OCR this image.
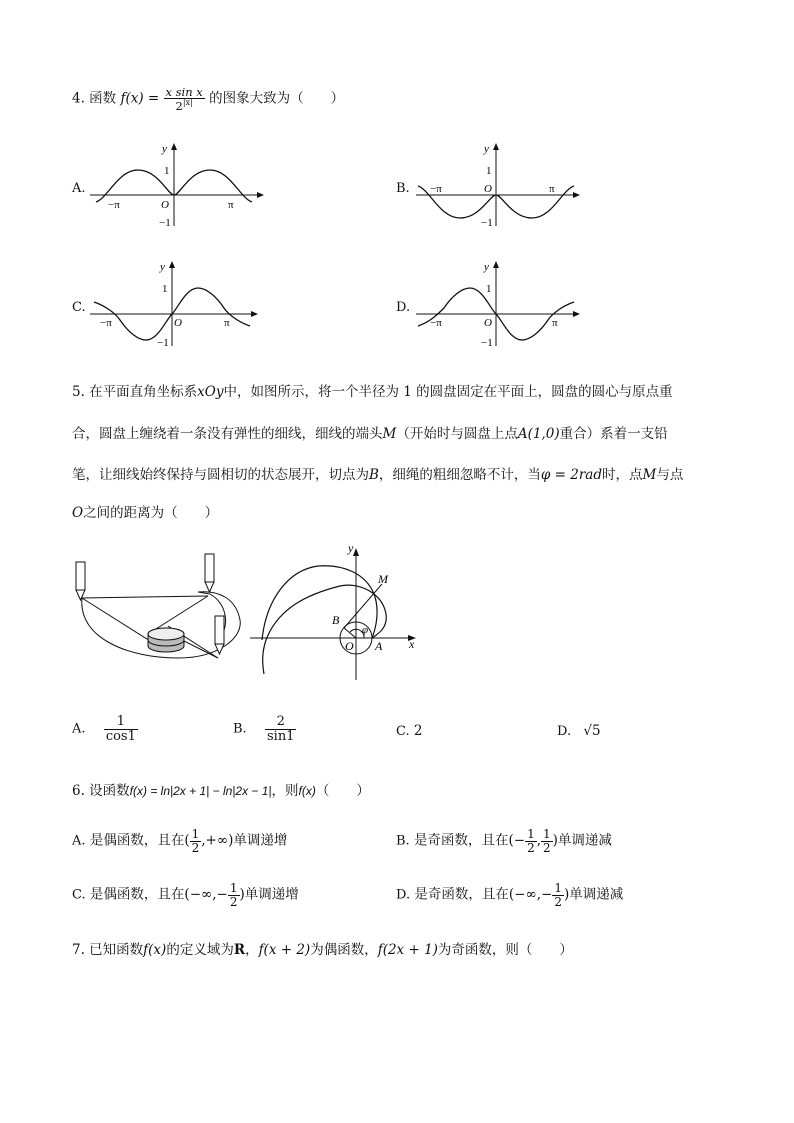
4. 函数 $f(x) = \frac{\text{x sin x}}{2^{|x|}}$ 的图象大致为（　　）
A.	B.
C.	D.
y
1
−1
O
−π	π
y
1
−1
O
−π	π
y
1
−1
O
−π	π
y
1
−1
O
−π	π
5. 在平面直角坐标系xOy中，如图所示，将一个半径为 1 的圆盘固定在平面上，圆盘的圆心与原点重
合，圆盘上缠绕着一条没有弹性的细线，细线的端头M（开始时与圆盘上点A(1,0)重合）系着一支铅
笔，让细线始终保持与圆相切的状态展开，切点为B，细绳的粗细忽略不计，当φ = 2rad时，点M与点
O之间的距离为（　　）
y
x
M
B
O A
φ
A. $\frac{1}{\cos 1}$	B. $\frac{2}{\sin 1}$	C. 2	D. √5
6. 设函数f(x) = ln|2x + 1| − ln|2x − 1|，则f(x)（　　）
A. 是偶函数，且在( $\frac{1}{2}$ ,+∞)单调递增	B. 是奇函数，且在(− $\frac{1}{2}$ , $\frac{1}{2}$ )单调递减
C. 是偶函数，且在(−∞,− $\frac{1}{2}$ )单调递增	D. 是奇函数，且在(−∞,− $\frac{1}{2}$ )单调递减
7. 已知函数f(x)的定义域为R，f(x + 2)为偶函数，f(2x + 1)为奇函数，则（　　）
